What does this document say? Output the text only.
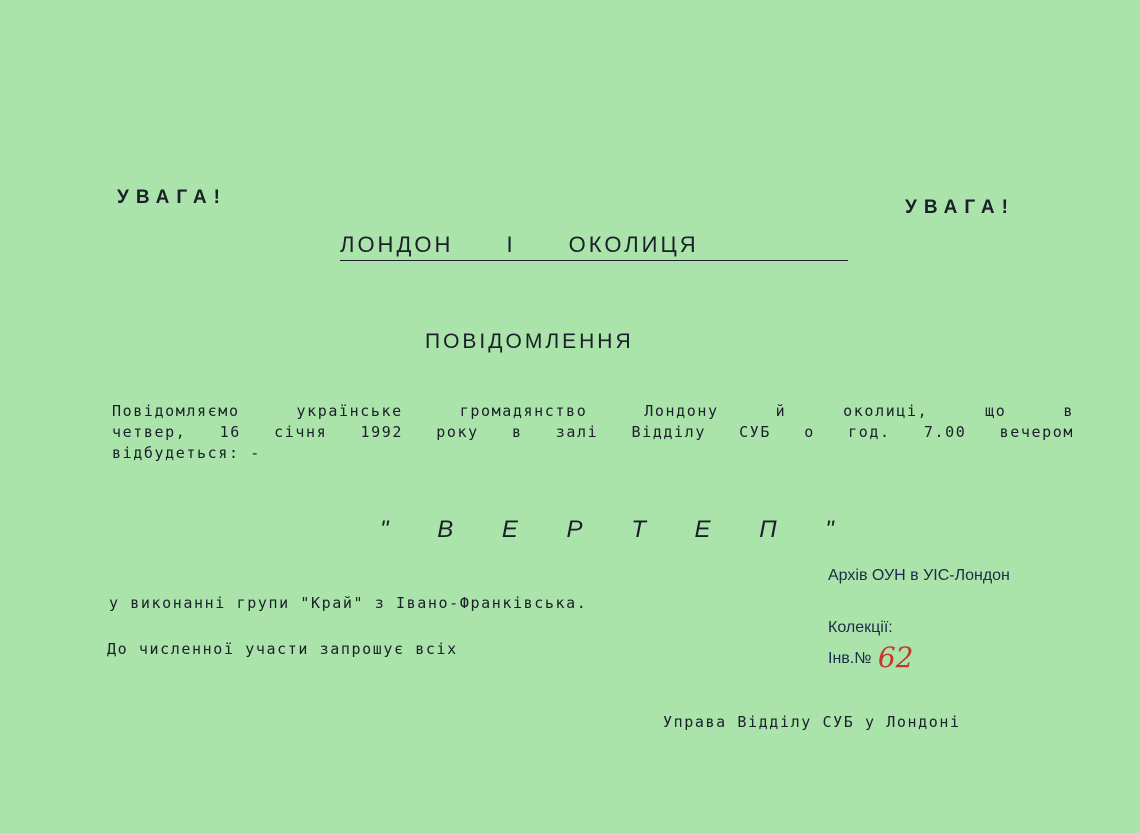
УВАГА!	УВАГА!
ЛОНДОН І ОКОЛИЦЯ
ПОВІДОМЛЕННЯ
Повідомляємо українське громадянство Лондону й околиці, що в
четвер, 16 січня 1992 року в залі Відділу СУБ о год. 7.00 вечером
відбудеться: -
" В Е Р Т Е П "
у виконанні групи "Край" з Івано-Франківська.
До численної участи запрошує всіх
Управа Відділу СУБ у Лондоні
Архів ОУН в УІС-Лондон
Колекції:
Інв.№ 62
